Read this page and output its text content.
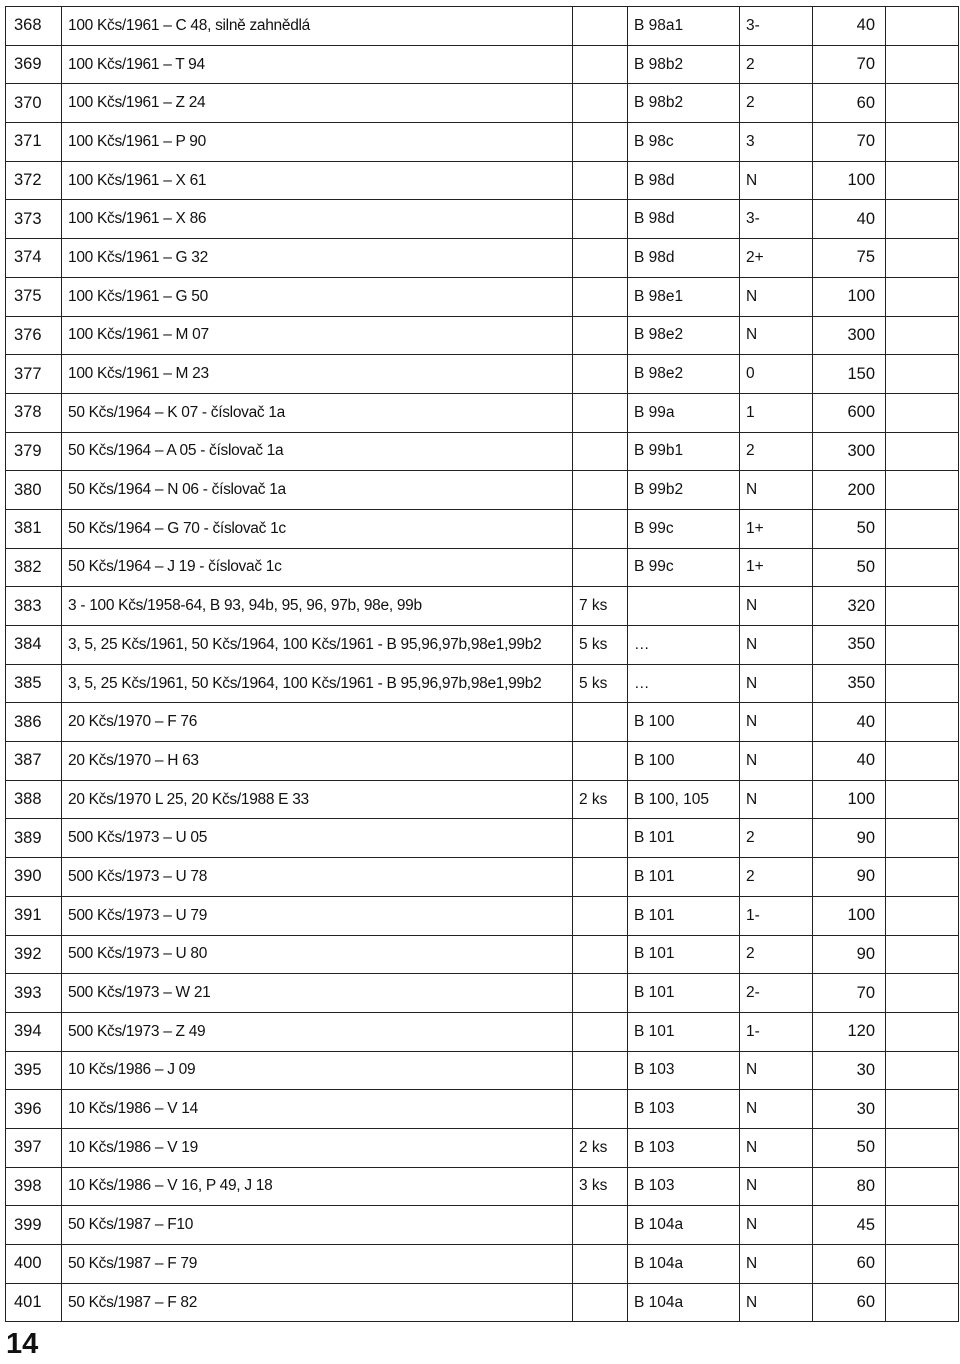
368	100 Kčs/1961 – C 48, silně zahnědlá		B 98a1	3-	40	
369	100 Kčs/1961 – T 94		B 98b2	2	70	
370	100 Kčs/1961 – Z 24		B 98b2	2	60	
371	100 Kčs/1961 – P 90		B 98c	3	70	
372	100 Kčs/1961 – X 61		B 98d	N	100	
373	100 Kčs/1961 – X 86		B 98d	3-	40	
374	100 Kčs/1961 – G 32		B 98d	2+	75	
375	100 Kčs/1961 – G 50		B 98e1	N	100	
376	100 Kčs/1961 – M 07		B 98e2	N	300	
377	100 Kčs/1961 – M 23		B 98e2	0	150	
378	50 Kčs/1964 – K 07 - číslovač 1a		B 99a	1	600	
379	50 Kčs/1964 – A 05 - číslovač 1a		B 99b1	2	300	
380	50 Kčs/1964 – N 06 - číslovač 1a		B 99b2	N	200	
381	50 Kčs/1964 – G 70 - číslovač 1c		B 99c	1+	50	
382	50 Kčs/1964 – J 19 - číslovač 1c		B 99c	1+	50	
383	3 - 100 Kčs/1958-64, B 93, 94b, 95, 96, 97b, 98e, 99b	7 ks		N	320	
384	3, 5, 25 Kčs/1961, 50 Kčs/1964, 100 Kčs/1961 - B 95,96,97b,98e1,99b2	5 ks	…	N	350	
385	3, 5, 25 Kčs/1961, 50 Kčs/1964, 100 Kčs/1961 - B 95,96,97b,98e1,99b2	5 ks	…	N	350	
386	20 Kčs/1970 – F 76		B 100	N	40	
387	20 Kčs/1970 – H 63		B 100	N	40	
388	20 Kčs/1970 L 25, 20 Kčs/1988 E 33	2 ks	B 100, 105	N	100	
389	500 Kčs/1973 – U 05		B 101	2	90	
390	500 Kčs/1973 – U 78		B 101	2	90	
391	500 Kčs/1973 – U 79		B 101	1-	100	
392	500 Kčs/1973 – U 80		B 101	2	90	
393	500 Kčs/1973 – W 21		B 101	2-	70	
394	500 Kčs/1973 – Z 49		B 101	1-	120	
395	10 Kčs/1986 – J 09		B 103	N	30	
396	10 Kčs/1986 – V 14		B 103	N	30	
397	10 Kčs/1986 – V 19	2 ks	B 103	N	50	
398	10 Kčs/1986 – V 16, P 49, J 18	3 ks	B 103	N	80	
399	50 Kčs/1987 – F10		B 104a	N	45	
400	50 Kčs/1987 – F 79		B 104a	N	60	
401	50 Kčs/1987 – F 82		B 104a	N	60	
14
